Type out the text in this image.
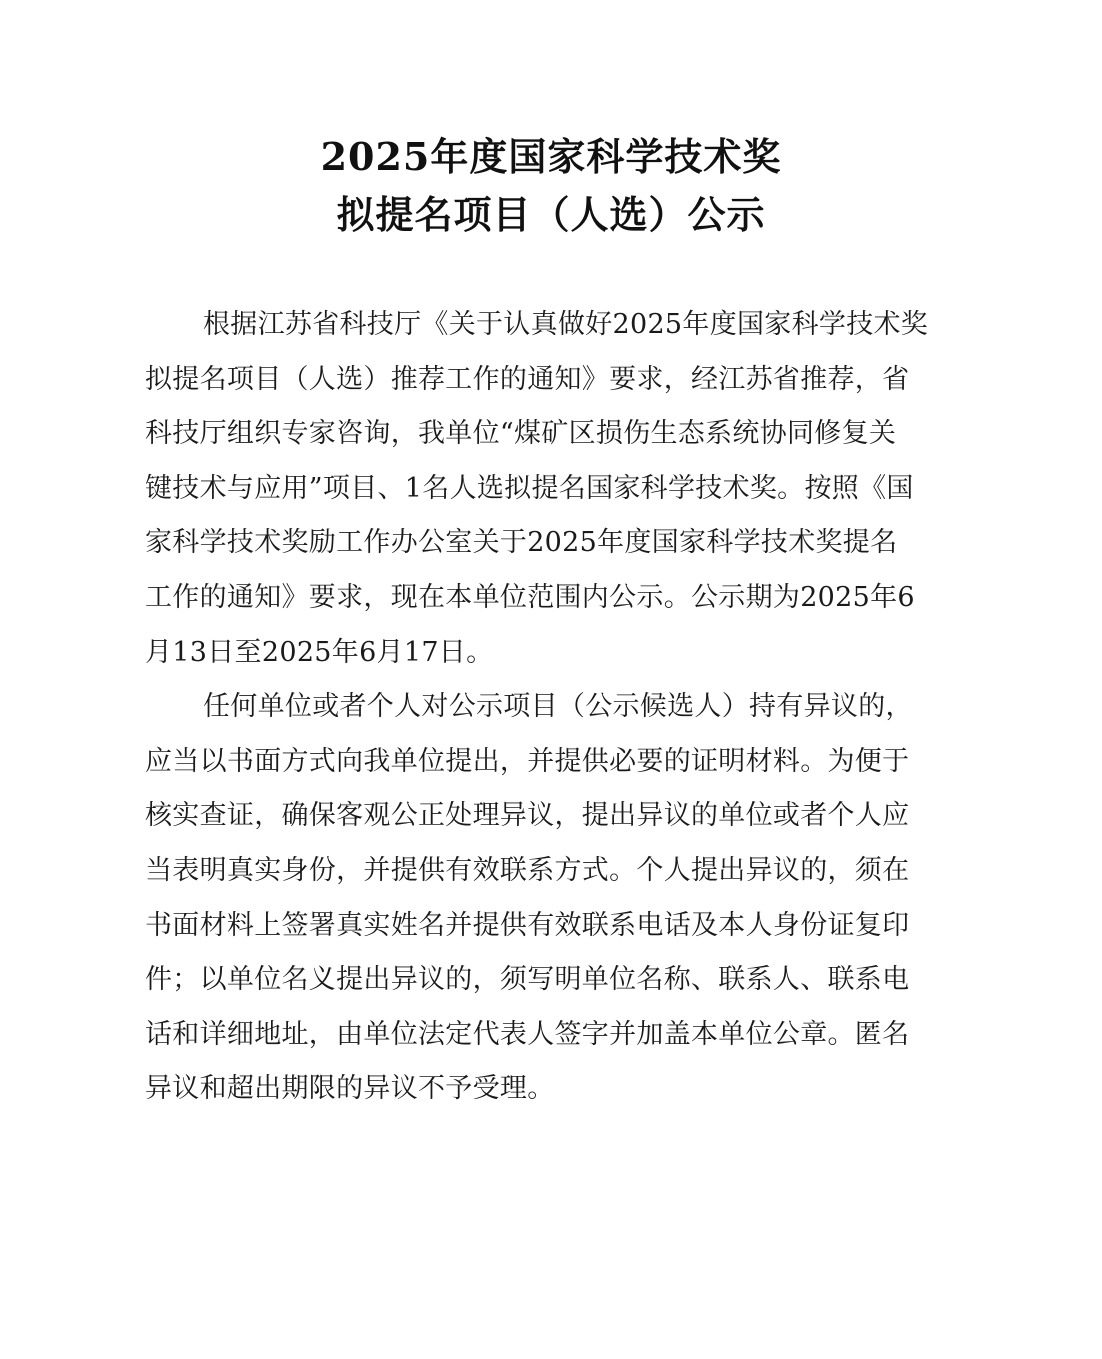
2025年度国家科学技术奖
拟提名项目（人选）公示

根据江苏省科技厅《关于认真做好2025年度国家科学技术奖
拟提名项目（人选）推荐工作的通知》要求，经江苏省推荐，省
科技厅组织专家咨询，我单位“煤矿区损伤生态系统协同修复关
键技术与应用”项目、1名人选拟提名国家科学技术奖。按照《国
家科学技术奖励工作办公室关于2025年度国家科学技术奖提名
工作的通知》要求，现在本单位范围内公示。公示期为2025年6
月13日至2025年6月17日。

任何单位或者个人对公示项目（公示候选人）持有异议的，
应当以书面方式向我单位提出，并提供必要的证明材料。为便于
核实查证，确保客观公正处理异议，提出异议的单位或者个人应
当表明真实身份，并提供有效联系方式。个人提出异议的，须在
书面材料上签署真实姓名并提供有效联系电话及本人身份证复印
件；以单位名义提出异议的，须写明单位名称、联系人、联系电
话和详细地址，由单位法定代表人签字并加盖本单位公章。匿名
异议和超出期限的异议不予受理。
